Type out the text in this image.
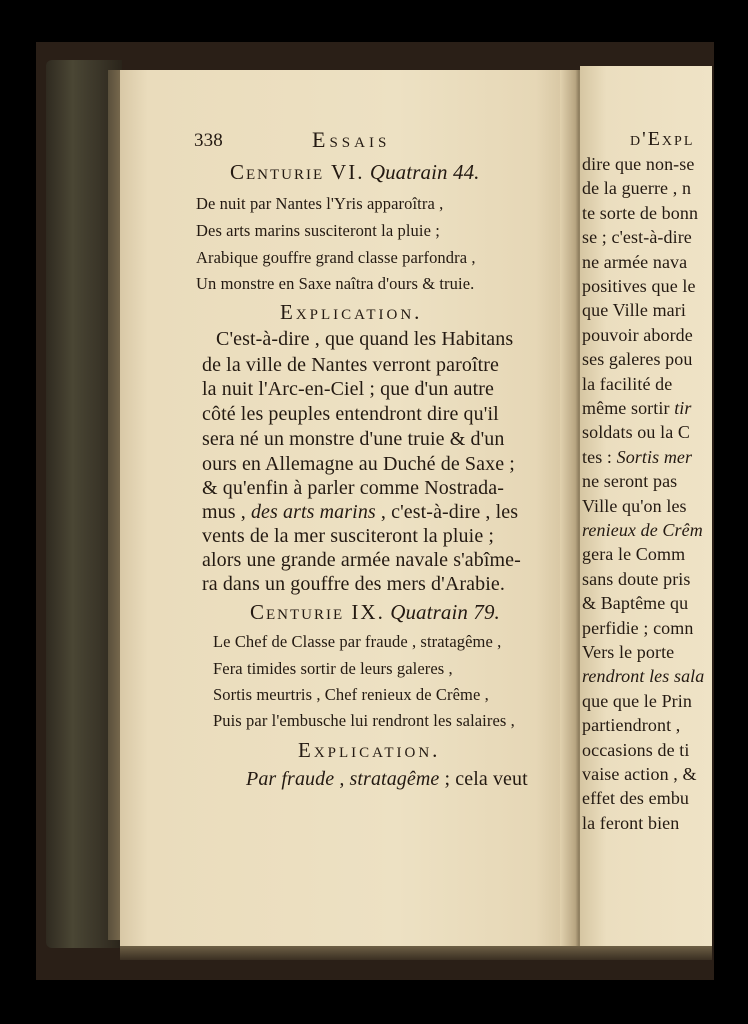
338	Essais
Centurie VI. Quatrain 44.
De nuit par Nantes l'Yris apparoîtra ,
Des arts marins susciteront la pluie ;
Arabique gouffre grand classe parfondra ,
Un monstre en Saxe naîtra d'ours & truie.
Explication.
C'est-à-dire , que quand les Habitans
de la ville de Nantes verront paroître
la nuit l'Arc-en-Ciel ; que d'un autre
côté les peuples entendront dire qu'il
sera né un monstre d'une truie & d'un
ours en Allemagne au Duché de Saxe ;
& qu'enfin à parler comme Nostrada-
mus , des arts marins , c'est-à-dire , les
vents de la mer susciteront la pluie ;
alors une grande armée navale s'abîme-
ra dans un gouffre des mers d'Arabie.
Centurie IX. Quatrain 79.
Le Chef de Classe par fraude , stratagême ,
Fera timides sortir de leurs galeres ,
Sortis meurtris , Chef renieux de Crême ,
Puis par l'embusche lui rendront les salaires ,
Explication.
Par fraude , stratagême ; cela veut
d'Expl
dire que non-se
de la guerre , n
te sorte de bonn
se ; c'est-à-dire
ne armée nava
positives que le
que Ville mari
pouvoir aborde
ses galeres pou
la facilité de
même sortir tir
soldats ou la C
tes : Sortis mer
ne seront pas
Ville qu'on les
renieux de Crêm
gera le Comm
sans doute pris
& Baptême qu
perfidie ; comn
Vers le porte
rendront les sala
que que le Prin
partiendront ,
occasions de ti
vaise action , &
effet des embu
la feront bien
